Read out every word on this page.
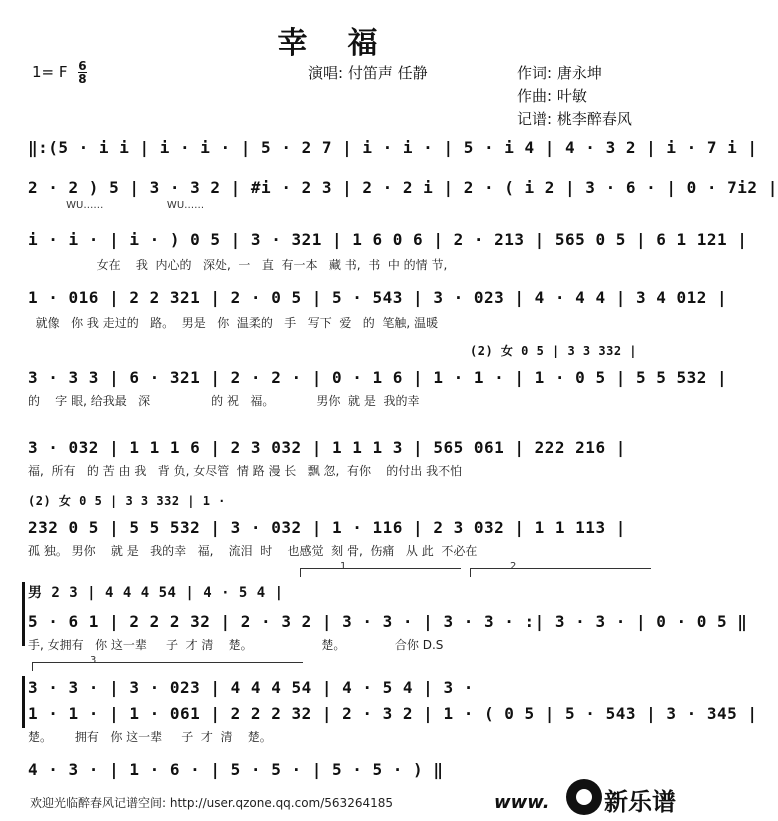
幸福
1= F $\frac{6}{8}$	演唱: 付笛声 任静	作词: 唐永坤
作曲: 叶敏
记谱: 桃李醉春风
‖:(5 · i i | i · i · | 5 · 2 7 | i · i · | 5 · i 4 | 4 · 3 2 | i · 7 i |
2 · 2 ) 5 | 3 · 3 2 | #i · 2 3 | 2 · 2 i | 2 · ( i 2 | 3 · 6 · | 0 · 7i2 |
WU……                    WU……
i · i · | i · ) 0 5 | 3 · 321 | 1 6 0 6 | 2 · 213 | 565 0 5 | 6 1 121 |
女在    我  内心的   深处,  一   直  有一本   藏 书,  书  中 的情 节,
1 · 016 | 2 2 321 | 2 · 0 5 | 5 · 543 | 3 · 023 | 4 · 4 4 | 3 4 012 |
就像   你 我 走过的   路。  男是   你  温柔的   手   写下  爱   的  笔触, 温暖
(2) 女 0 5 | 3 3 332 |
3 · 3 3 | 6 · 321 | 2 · 2 · | 0 · 1 6 | 1 · 1 · | 1 · 0 5 | 5 5 532 |
的    字 眼, 给我最   深                的 祝   福。           男你  就 是  我的幸
3 · 032 | 1 1 1 6 | 2 3 032 | 1 1 1 3 | 565 061 | 222 216 |
福,  所有   的 苦 由 我   背 负, 女尽管  情 路 漫 长   飘 忽,  有你    的付出 我不怕
(2) 女 0 5 | 3 3 332 | 1 ·
232 0 5 | 5 5 532 | 3 · 032 | 1 · 116 | 2 3 032 | 1 1 113 |
孤 独。 男你    就 是   我的幸   福,    流泪  时    也感觉  刻 骨,  伤痛   从 此  不必在
男 2 3 | 4 4 4 54 | 4 · 5 4 |
1	2
5 · 6 1 | 2 2 2 32 | 2 · 3 2 | 3 · 3 · | 3 · 3 · :| 3 · 3 · | 0 · 0 5 ‖
手, 女拥有   你 这一辈     子  才 清    楚。                  楚。             合你 D.S
3
3 · 3 · | 3 · 023 | 4 4 4 54 | 4 · 5 4 | 3 ·
1 · 1 · | 1 · 061 | 2 2 2 32 | 2 · 3 2 | 1 · ( 0 5 | 5 · 543 | 3 · 345 |
楚。      拥有   你 这一辈     子  才  清    楚。
4 · 3 · | 1 · 6 · | 5 · 5 · | 5 · 5 · ) ‖
欢迎光临醉春风记谱空间: http://user.qzone.qq.com/563264185	www. 新乐谱
